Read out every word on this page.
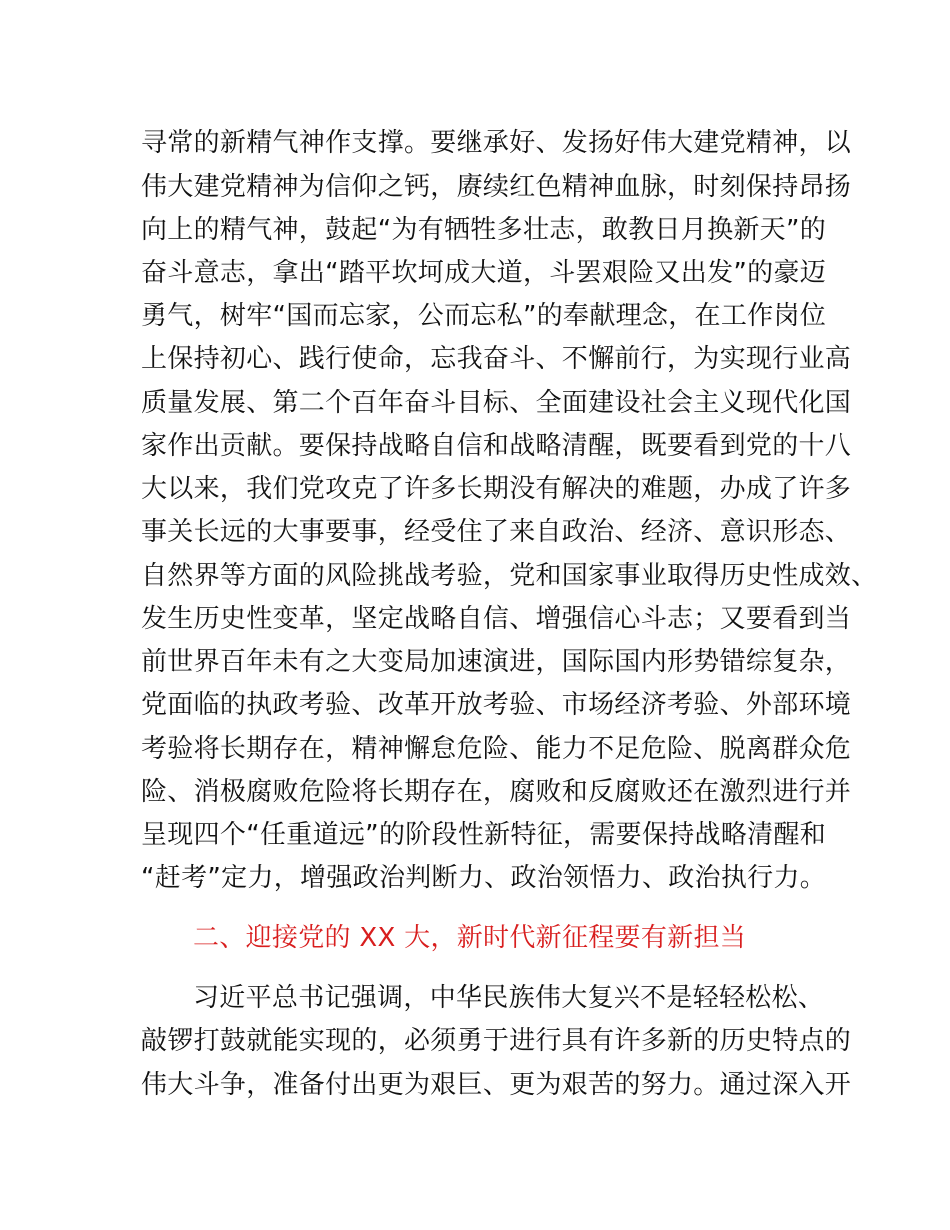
寻常的新精气神作支撑。要继承好、发扬好伟大建党精神，以
伟大建党精神为信仰之钙，赓续红色精神血脉，时刻保持昂扬
向上的精气神，鼓起“为有牺牲多壮志，敢教日月换新天”的
奋斗意志，拿出“踏平坎坷成大道，斗罢艰险又出发”的豪迈
勇气，树牢“国而忘家，公而忘私”的奉献理念，在工作岗位
上保持初心、践行使命，忘我奋斗、不懈前行，为实现行业高
质量发展、第二个百年奋斗目标、全面建设社会主义现代化国
家作出贡献。要保持战略自信和战略清醒，既要看到党的十八
大以来，我们党攻克了许多长期没有解决的难题，办成了许多
事关长远的大事要事，经受住了来自政治、经济、意识形态、
自然界等方面的风险挑战考验，党和国家事业取得历史性成效、
发生历史性变革，坚定战略自信、增强信心斗志；又要看到当
前世界百年未有之大变局加速演进，国际国内形势错综复杂，
党面临的执政考验、改革开放考验、市场经济考验、外部环境
考验将长期存在，精神懈怠危险、能力不足危险、脱离群众危
险、消极腐败危险将长期存在，腐败和反腐败还在激烈进行并
呈现四个“任重道远”的阶段性新特征，需要保持战略清醒和
“赶考”定力，增强政治判断力、政治领悟力、政治执行力。
二、迎接党的 XX 大，新时代新征程要有新担当
习近平总书记强调，中华民族伟大复兴不是轻轻松松、
敲锣打鼓就能实现的，必须勇于进行具有许多新的历史特点的
伟大斗争，准备付出更为艰巨、更为艰苦的努力。通过深入开
